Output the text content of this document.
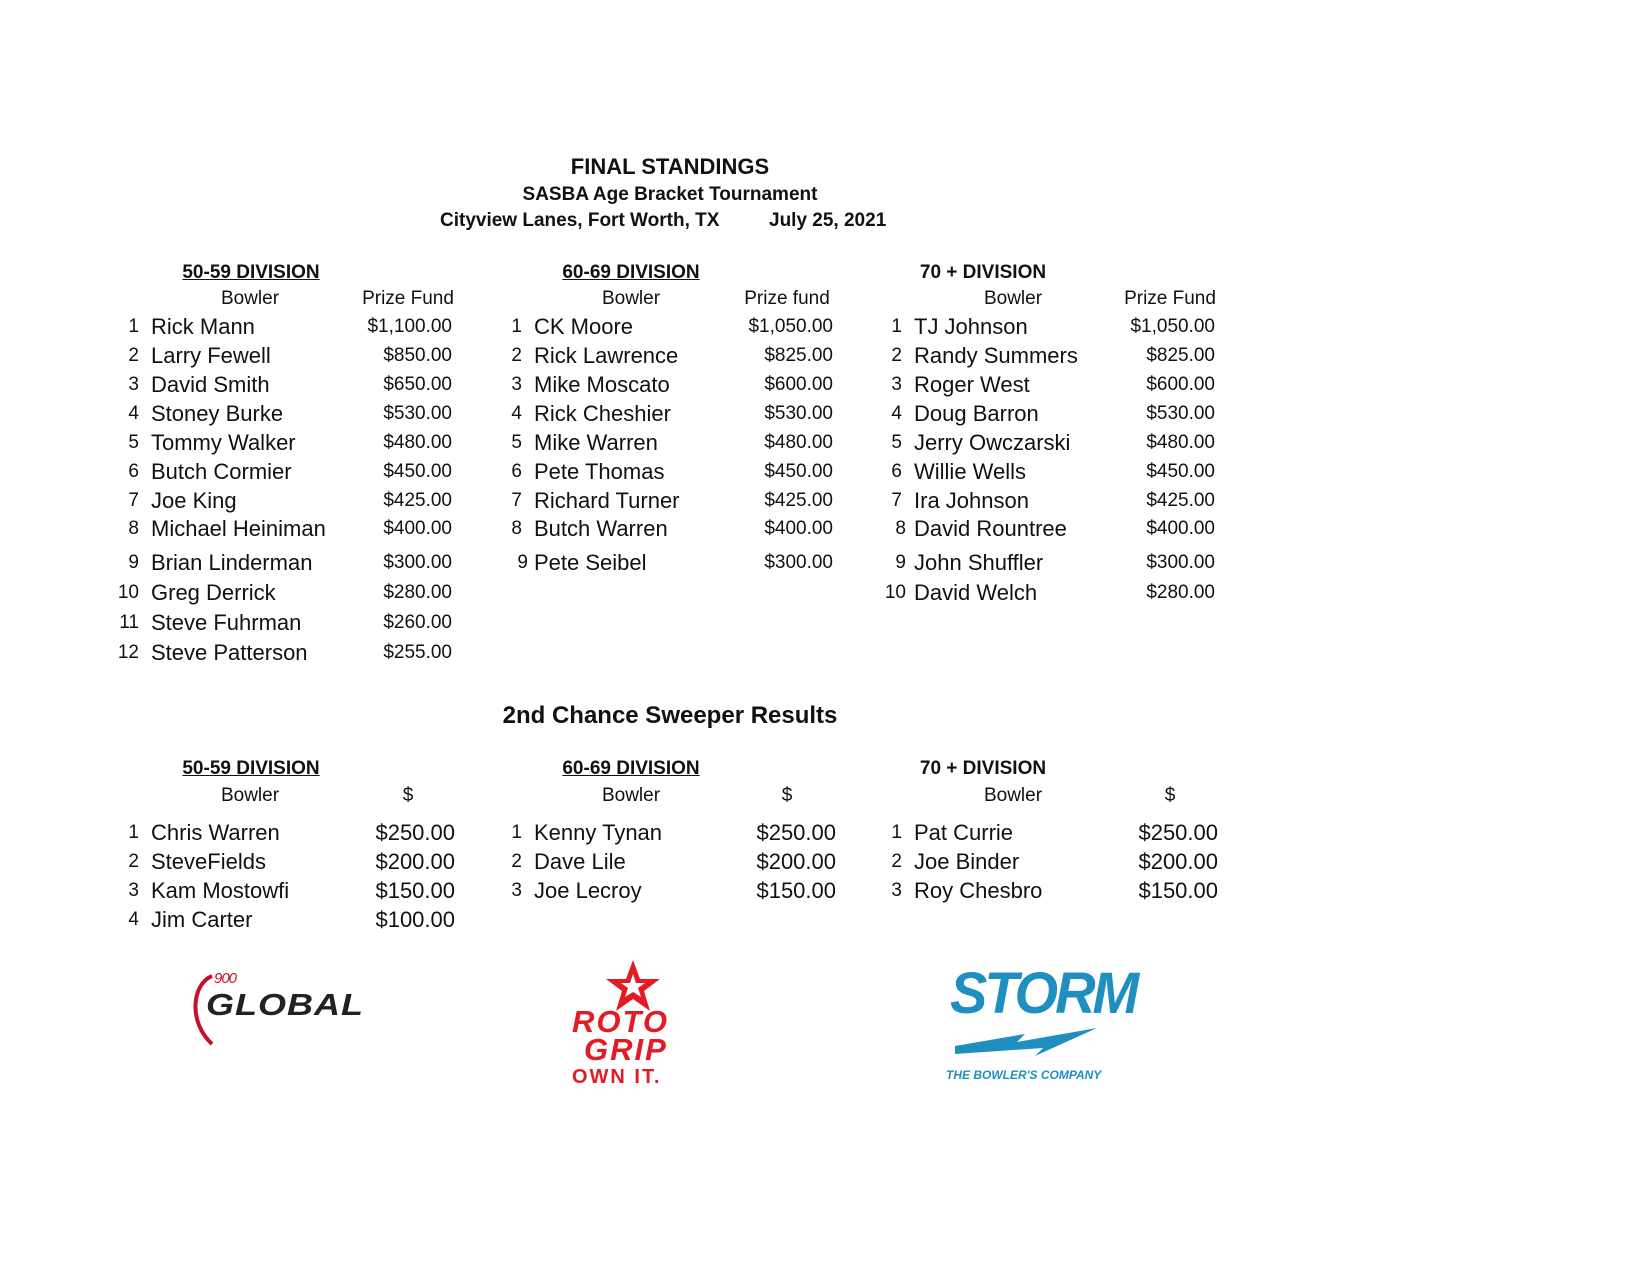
FINAL STANDINGS
SASBA Age Bracket Tournament
Cityview Lanes, Fort Worth, TX	July 25, 2021
50-59 DIVISION	60-69 DIVISION	70 + DIVISION
Bowler	Prize Fund	Bowler	Prize fund	Bowler	Prize Fund
1 Rick Mann	$1,100.00
2 Larry Fewell	$850.00
3 David Smith	$650.00
4 Stoney Burke	$530.00
5 Tommy Walker	$480.00
6 Butch Cormier	$450.00
7 Joe King	$425.00
8 Michael Heiniman	$400.00
9 Brian Linderman	$300.00
10 Greg Derrick	$280.00
11 Steve Fuhrman	$260.00
12 Steve Patterson	$255.00
1 CK Moore	$1,050.00
2 Rick Lawrence	$825.00
3 Mike Moscato	$600.00
4 Rick Cheshier	$530.00
5 Mike Warren	$480.00
6 Pete Thomas	$450.00
7 Richard Turner	$425.00
8 Butch Warren	$400.00
9 Pete Seibel	$300.00
1 TJ Johnson	$1,050.00
2 Randy Summers	$825.00
3 Roger West	$600.00
4 Doug Barron	$530.00
5 Jerry Owczarski	$480.00
6 Willie Wells	$450.00
7 Ira Johnson	$425.00
8 David Rountree	$400.00
9 John Shuffler	$300.00
10 David Welch	$280.00
2nd Chance Sweeper Results
50-59 DIVISION	60-69 DIVISION	70 + DIVISION
Bowler	$	Bowler	$	Bowler	$
1 Chris Warren	$250.00
2 SteveFields	$200.00
3 Kam Mostowfi	$150.00
4 Jim Carter	$100.00
1 Kenny Tynan	$250.00
2 Dave Lile	$200.00
3 Joe Lecroy	$150.00
1 Pat Currie	$250.00
2 Joe Binder	$200.00
3 Roy Chesbro	$150.00
900
GLOBAL	ROTO
GRIP
OWN IT.
STORM
THE BOWLER'S COMPANY
